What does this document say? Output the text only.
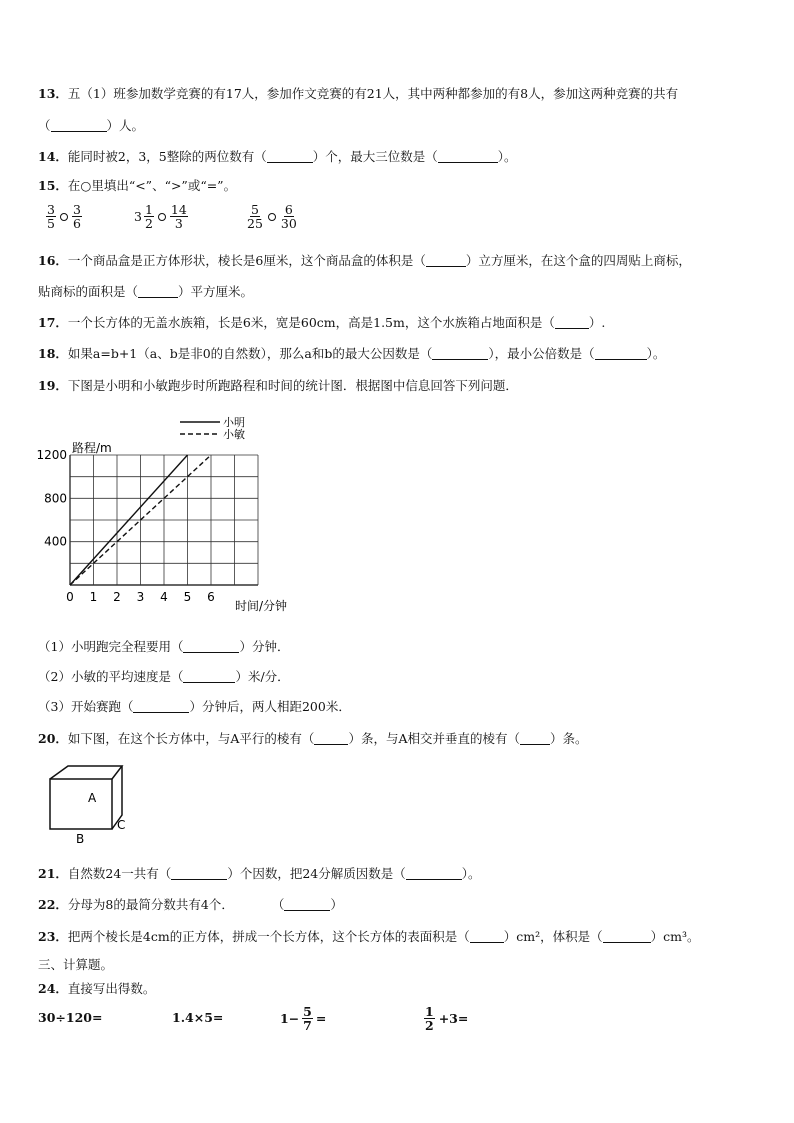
13．五（1）班参加数学竞赛的有17人，参加作文竞赛的有21人，其中两种都参加的有8人，参加这两种竞赛的共有
（	）人。
14．能同时被2，3，5整除的两位数有（	）个，最大三位数是（	）。
15．在○里填出“<”、“>”或“=”。
$\frac{3}{5} \frac{3}{6}$	$3 \frac{1}{2} \frac{14}{3}$	$\frac{5}{25} \frac{6}{30}$
16．一个商品盒是正方体形状，棱长是6厘米，这个商品盒的体积是（	）立方厘米，在这个盒的四周贴上商标，
贴商标的面积是（	）平方厘米。
17．一个长方体的无盖水族箱，长是6米，宽是60cm，高是1.5m，这个水族箱占地面积是（	）.
18．如果a=b+1（a、b是非0的自然数），那么a和b的最大公因数是（	），最小公倍数是（	）。
19．下图是小明和小敏跑步时所跑路程和时间的统计图．根据图中信息回答下列问题．
小明
小敏
路程/m
时间/分钟
0 1 2 3 4 5 6
400
800
1200
（1）小明跑完全程要用（	）分钟．
（2）小敏的平均速度是（	）米/分．
（3）开始赛跑（	）分钟后，两人相距200米．
20．如下图，在这个长方体中，与A平行的棱有（	）条，与A相交并垂直的棱有（ ）条。
A
B
C
21．自然数24一共有（	）个因数，把24分解质因数是（	）。
22．分母为8的最简分数共有4个．	（	）
23．把两个棱长是4cm的正方体，拼成一个长方体，这个长方体的表面积是（	）cm²，体积是（	）cm³。
三、计算题。
24．直接写出得数。
30÷120=	1.4×5=	$1- \frac{5}{7}$ =	$\frac{1}{2} +3=$
